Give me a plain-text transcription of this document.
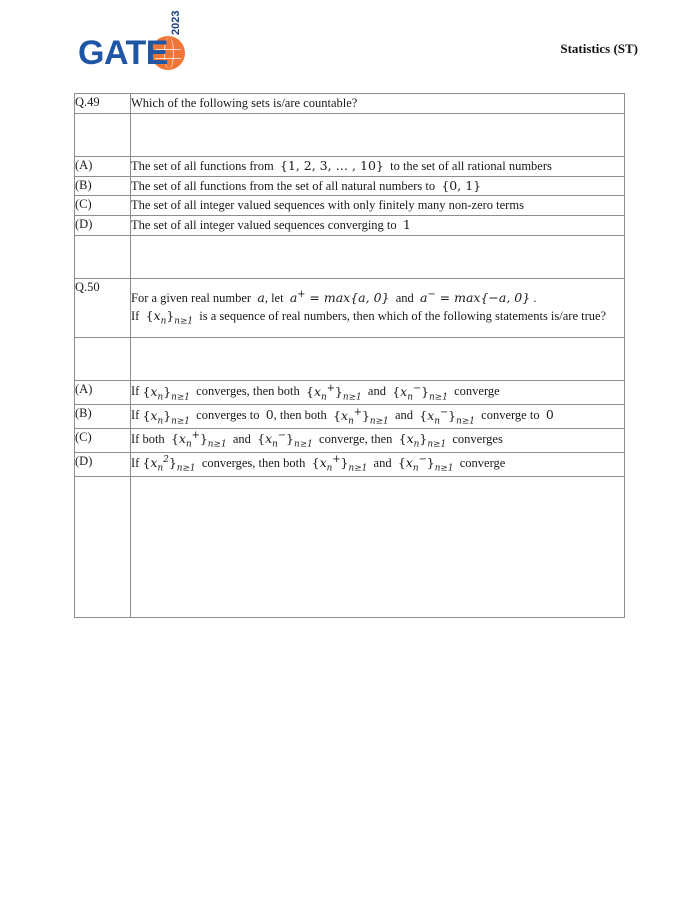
GATE
2023
Statistics (ST)
Q.49	Which of the following sets is/are countable?

(A)	The set of all functions from  {1, 2, 3, … , 10}  to the set of all rational numbers
(B)	The set of all functions from the set of all natural numbers to  {0, 1}
(C)	The set of all integer valued sequences with only finitely many non-zero terms
(D)	The set of all integer valued sequences converging to  1

Q.50	For a given real number  a, let  a+ = max{a, 0}  and  a− = max{−a, 0} .
If  $\{x_n\}_{n\ge 1}$  is a sequence of real numbers, then which of the following statements is/are true?

(A)	If $\{x_n\}_{n\ge 1}$  converges, then both  $\{x_n^+\}_{n\ge 1}$  and  $\{x_n^-\}_{n\ge 1}$  converge
(B)	If $\{x_n\}_{n\ge 1}$  converges to  0, then both  $\{x_n^+\}_{n\ge 1}$  and  $\{x_n^-\}_{n\ge 1}$  converge to  0
(C)	If both  $\{x_n^+\}_{n\ge 1}$  and  $\{x_n^-\}_{n\ge 1}$  converge, then  $\{x_n\}_{n\ge 1}$  converges
(D)	If $\{x_n^2\}_{n\ge 1}$  converges, then both  $\{x_n^+\}_{n\ge 1}$  and  $\{x_n^-\}_{n\ge 1}$  converge
